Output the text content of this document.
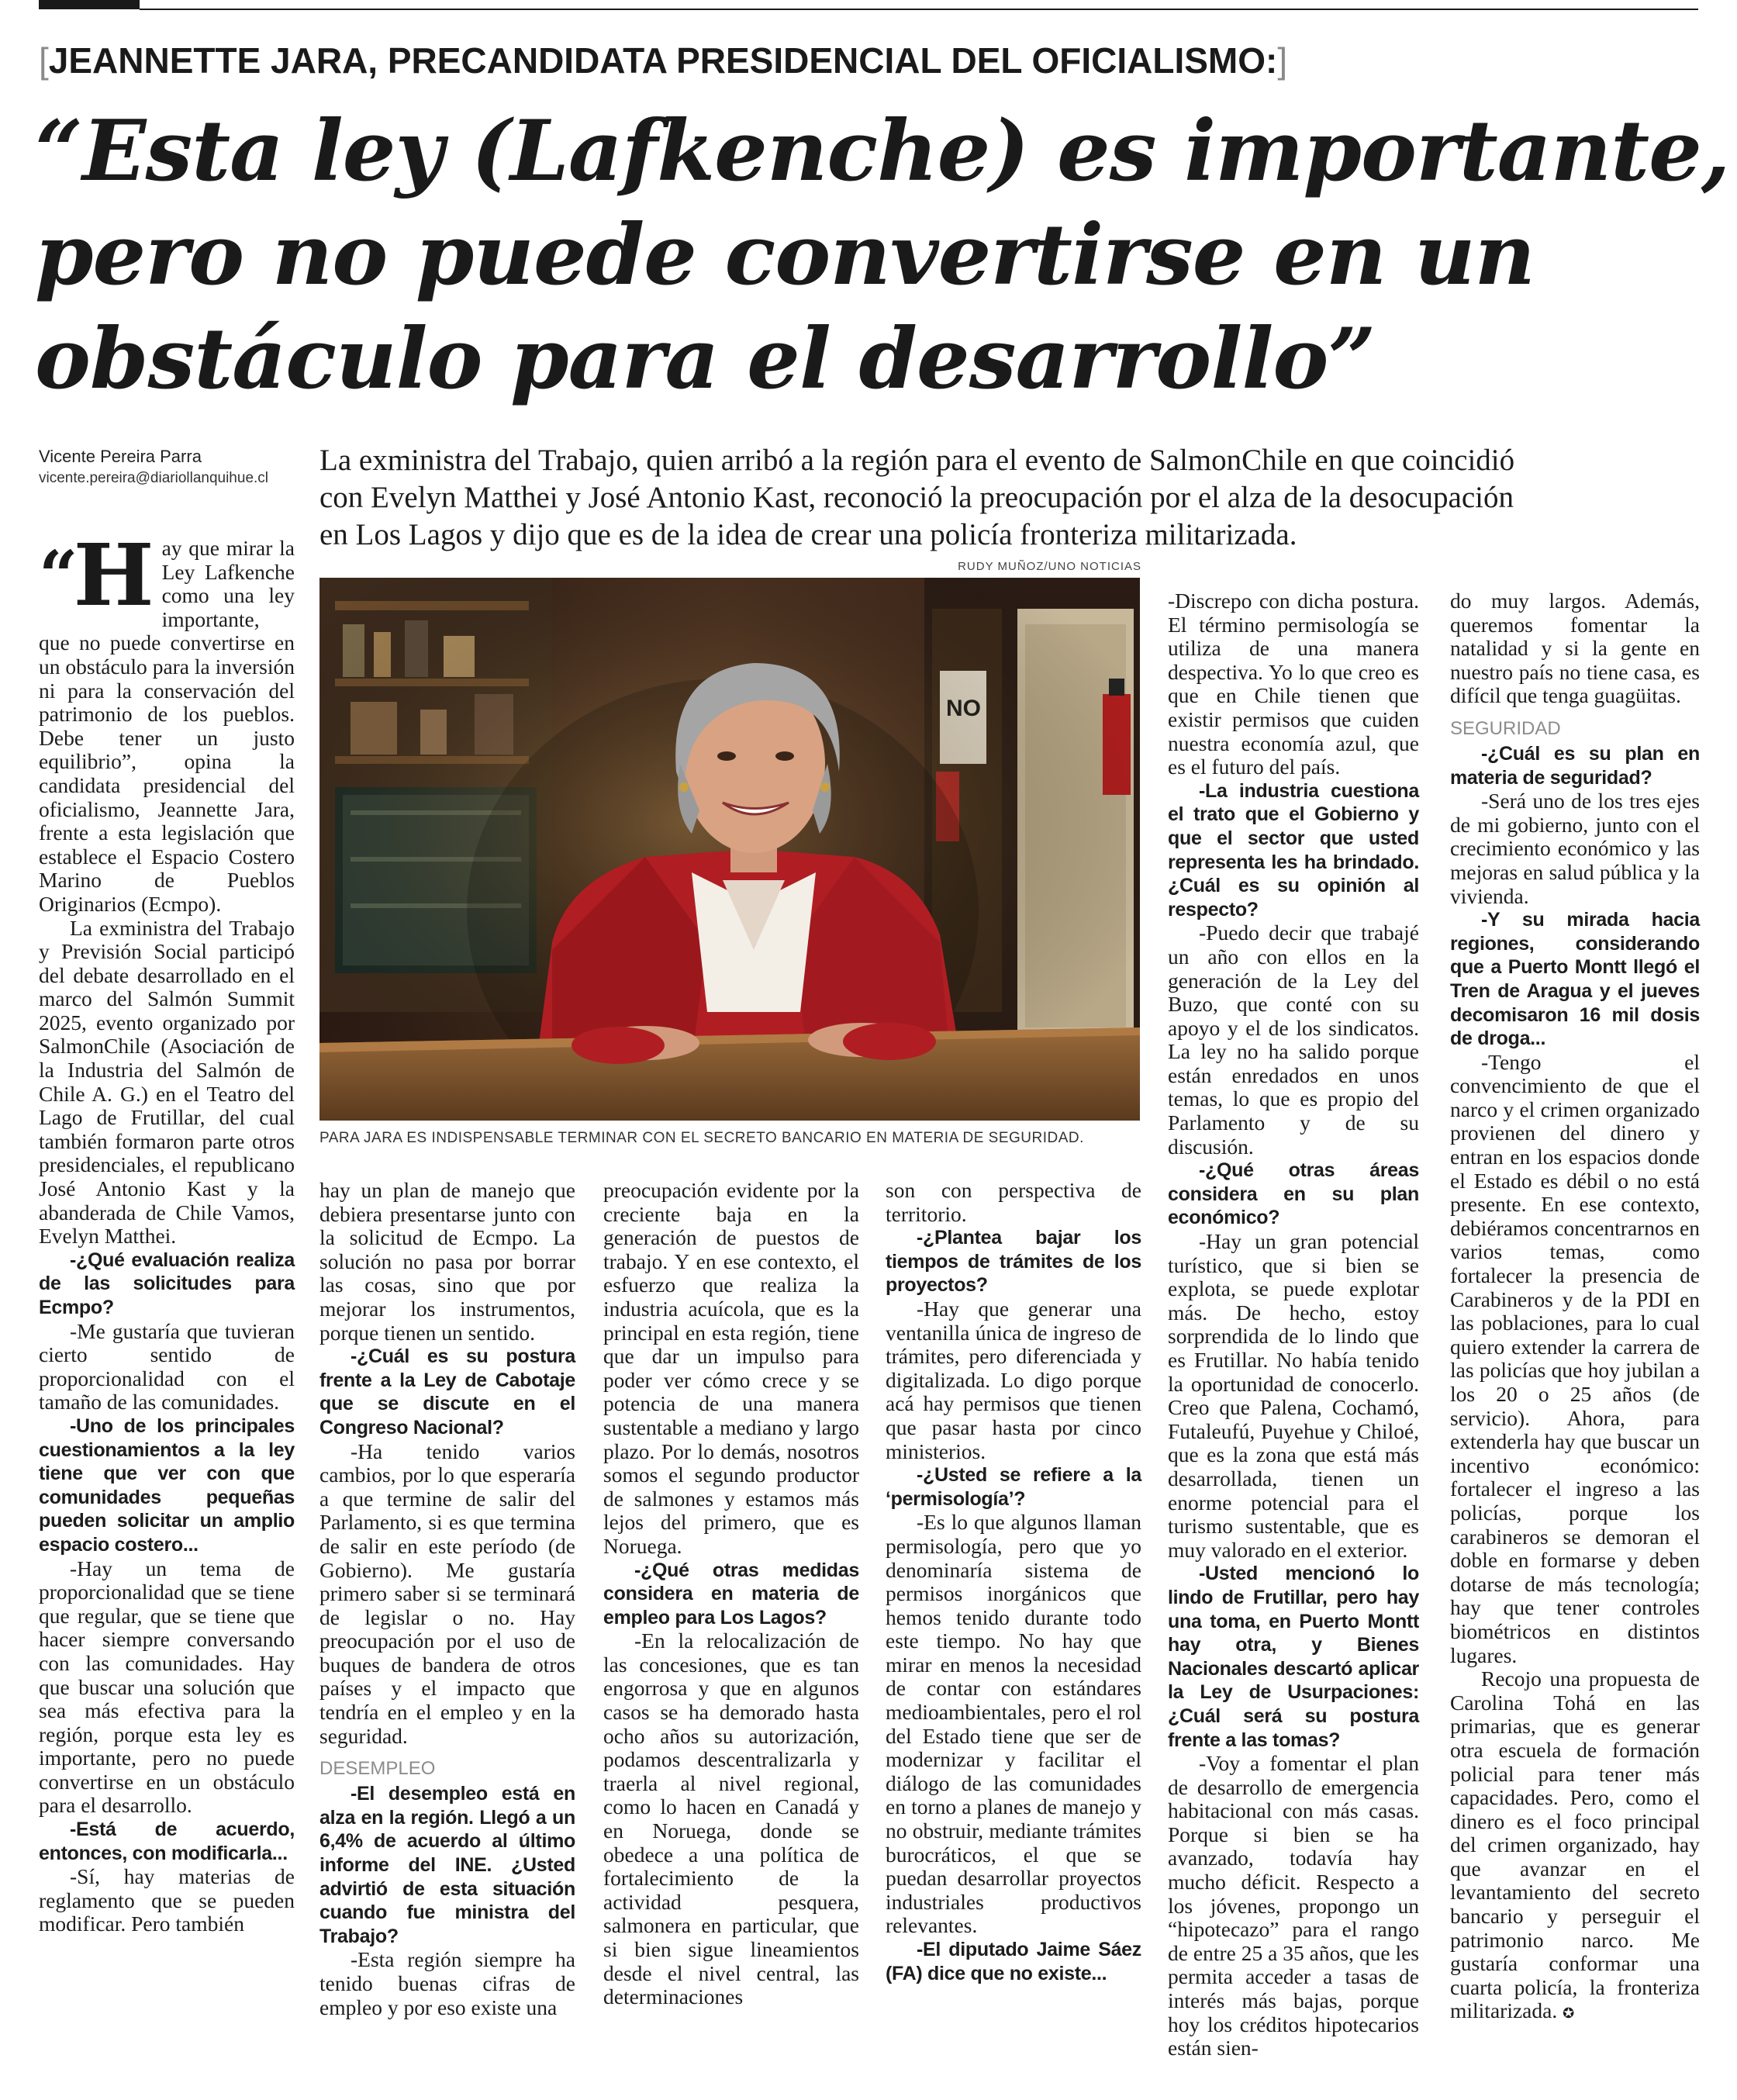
[JEANNETTE JARA, PRECANDIDATA PRESIDENCIAL DEL OFICIALISMO:]
“Esta ley (Lafkenche) es importante,
pero no puede convertirse en un
obstáculo para el desarrollo”
Vicente Pereira Parra
vicente.pereira@diariollanquihue.cl
La exministra del Trabajo, quien arribó a la región para el evento de SalmonChile en que coincidió
con Evelyn Matthei y José Antonio Kast, reconoció la preocupación por el alza de la desocupación
en Los Lagos y dijo que es de la idea de crear una policía fronteriza militarizada.
RUDY MUÑOZ/UNO NOTICIAS
PARA JARA ES INDISPENSABLE TERMINAR CON EL SECRETO BANCARIO EN MATERIA DE SEGURIDAD.
“H ay que mirar la Ley Lafkenche como una ley importante, que no puede convertirse en un obstáculo para la inversión ni para la conservación del patrimonio de los pueblos. Debe tener un justo equilibrio”, opina la candidata presidencial del oficialismo, Jeannette Jara, frente a esta legislación que establece el Espacio Costero Marino de Pueblos Originarios (Ecmpo).

La exministra del Trabajo y Previsión Social participó del debate desarrollado en el marco del Salmón Summit 2025, evento organizado por SalmonChile (Asociación de la Industria del Salmón de Chile A. G.) en el Teatro del Lago de Frutillar, del cual también formaron parte otros presidenciales, el republicano José Antonio Kast y la abanderada de Chile Vamos, Evelyn Matthei.

-¿Qué evaluación realiza de las solicitudes para Ecmpo?

-Me gustaría que tuvieran cierto sentido de proporcionalidad con el tamaño de las comunidades.

-Uno de los principales cuestionamientos a la ley tiene que ver con que comunidades pequeñas pueden solicitar un amplio espacio costero...

-Hay un tema de proporcionalidad que se tiene que regular, que se tiene que hacer siempre conversando con las comunidades. Hay que buscar una solución que sea más efectiva para la región, porque esta ley es importante, pero no puede convertirse en un obstáculo para el desarrollo.

-Está de acuerdo, entonces, con modificarla...

-Sí, hay materias de reglamento que se pueden modificar. Pero también

hay un plan de manejo que debiera presentarse junto con la solicitud de Ecmpo. La solución no pasa por borrar las cosas, sino que por mejorar los instrumentos, porque tienen un sentido.

-¿Cuál es su postura frente a la Ley de Cabotaje que se discute en el Congreso Nacional?

-Ha tenido varios cambios, por lo que esperaría a que termine de salir del Parlamento, si es que termina de salir en este período (de Gobierno). Me gustaría primero saber si se terminará de legislar o no. Hay preocupación por el uso de buques de bandera de otros países y el impacto que tendría en el empleo y en la seguridad.

DESEMPLEO

-El desempleo está en alza en la región. Llegó a un 6,4% de acuerdo al último informe del INE. ¿Usted advirtió de esta situación cuando fue ministra del Trabajo?

-Esta región siempre ha tenido buenas cifras de empleo y por eso existe una

preocupación evidente por la creciente baja en la generación de puestos de trabajo. Y en ese contexto, el esfuerzo que realiza la industria acuícola, que es la principal en esta región, tiene que dar un impulso para poder ver cómo crece y se potencia de una manera sustentable a mediano y largo plazo. Por lo demás, nosotros somos el segundo productor de salmones y estamos más lejos del primero, que es Noruega.

-¿Qué otras medidas considera en materia de empleo para Los Lagos?

-En la relocalización de las concesiones, que es tan engorrosa y que en algunos casos se ha demorado hasta ocho años su autorización, podamos descentralizarla y traerla al nivel regional, como lo hacen en Canadá y en Noruega, donde se obedece a una política de fortalecimiento de la actividad pesquera, salmonera en particular, que si bien sigue lineamientos desde el nivel central, las determinaciones

son con perspectiva de territorio.

-¿Plantea bajar los tiempos de trámites de los proyectos?

-Hay que generar una ventanilla única de ingreso de trámites, pero diferenciada y digitalizada. Lo digo porque acá hay permisos que tienen que pasar hasta por cinco ministerios.

-¿Usted se refiere a la ‘permisología’?

-Es lo que algunos llaman permisología, pero que yo denominaría sistema de permisos inorgánicos que hemos tenido durante todo este tiempo. No hay que mirar en menos la necesidad de contar con estándares medioambientales, pero el rol del Estado tiene que ser de modernizar y facilitar el diálogo de las comunidades en torno a planes de manejo y no obstruir, mediante trámites burocráticos, el que se puedan desarrollar proyectos industriales productivos relevantes.

-El diputado Jaime Sáez (FA) dice que no existe...

-Discrepo con dicha postura. El término permisología se utiliza de una manera despectiva. Yo lo que creo es que en Chile tienen que existir permisos que cuiden nuestra economía azul, que es el futuro del país.

-La industria cuestiona el trato que el Gobierno y que el sector que usted representa les ha brindado. ¿Cuál es su opinión al respecto?

-Puedo decir que trabajé un año con ellos en la generación de la Ley del Buzo, que conté con su apoyo y el de los sindicatos. La ley no ha salido porque están enredados en unos temas, lo que es propio del Parlamento y de su discusión.

-¿Qué otras áreas considera en su plan económico?

-Hay un gran potencial turístico, que si bien se explota, se puede explotar más. De hecho, estoy sorprendida de lo lindo que es Frutillar. No había tenido la oportunidad de conocerlo. Creo que Palena, Cochamó, Futaleufú, Puyehue y Chiloé, que es la zona que está más desarrollada, tienen un enorme potencial para el turismo sustentable, que es muy valorado en el exterior.

-Usted mencionó lo lindo de Frutillar, pero hay una toma, en Puerto Montt hay otra, y Bienes Nacionales descartó aplicar la Ley de Usurpaciones: ¿Cuál será su postura frente a las tomas?

-Voy a fomentar el plan de desarrollo de emergencia habitacional con más casas. Porque si bien se ha avanzado, todavía hay mucho déficit. Respecto a los jóvenes, propongo un “hipotecazo” para el rango de entre 25 a 35 años, que les permita acceder a tasas de interés más bajas, porque hoy los créditos hipotecarios están sien-

do muy largos. Además, queremos fomentar la natalidad y si la gente en nuestro país no tiene casa, es difícil que tenga guagüitas.

SEGURIDAD

-¿Cuál es su plan en materia de seguridad?

-Será uno de los tres ejes de mi gobierno, junto con el crecimiento económico y las mejoras en salud pública y la vivienda.

-Y su mirada hacia regiones, considerando que a Puerto Montt llegó el Tren de Aragua y el jueves decomisaron 16 mil dosis de droga...

-Tengo el convencimiento de que el narco y el crimen organizado provienen del dinero y entran en los espacios donde el Estado es débil o no está presente. En ese contexto, debiéramos concentrarnos en varios temas, como fortalecer la presencia de Carabineros y de la PDI en las poblaciones, para lo cual quiero extender la carrera de las policías que hoy jubilan a los 20 o 25 años (de servicio). Ahora, para extenderla hay que buscar un incentivo económico: fortalecer el ingreso a las policías, porque los carabineros se demoran el doble en formarse y deben dotarse de más tecnología; hay que tener controles biométricos en distintos lugares.

Recojo una propuesta de Carolina Tohá en las primarias, que es generar otra escuela de formación policial para tener más capacidades. Pero, como el dinero es el foco principal del crimen organizado, hay que avanzar en el levantamiento del secreto bancario y perseguir el patrimonio narco. Me gustaría conformar una cuarta policía, la fronteriza militarizada. ✪
